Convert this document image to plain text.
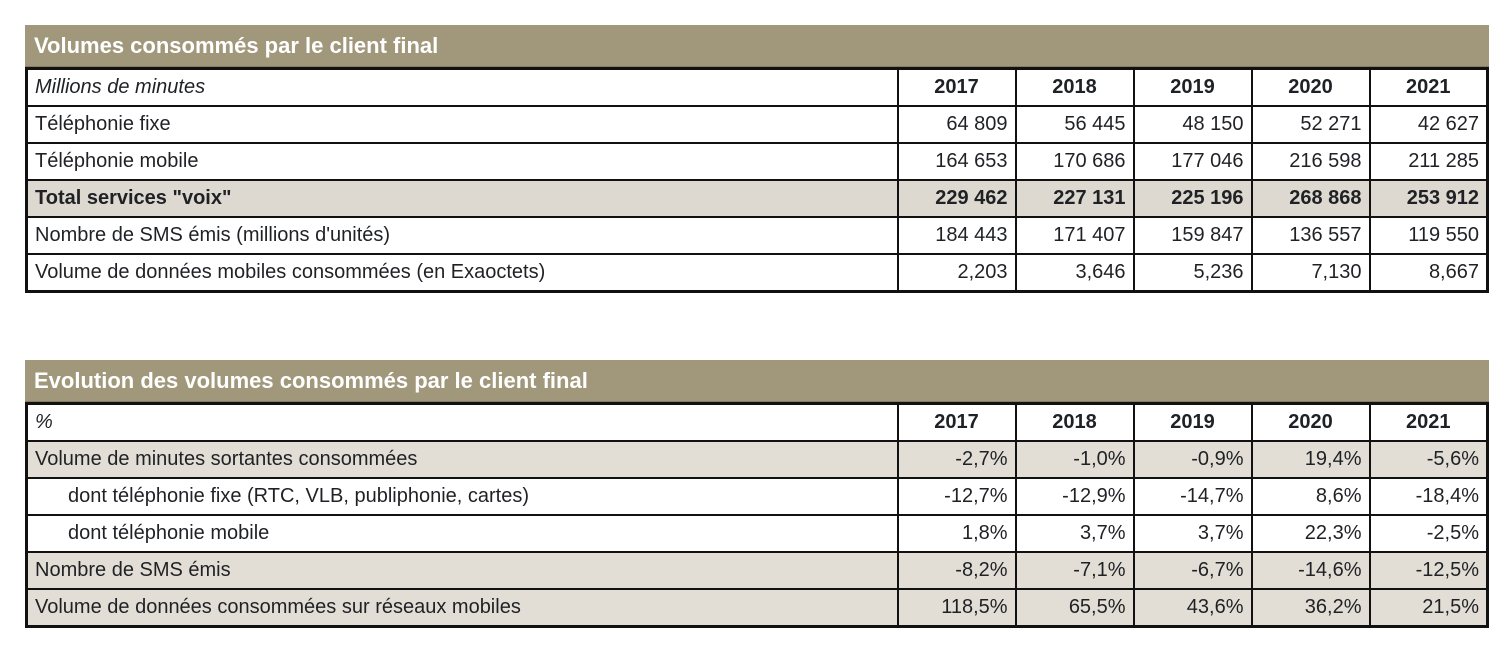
Volumes consommés par le client final
Millions de minutes	2017	2018	2019	2020	2021
Téléphonie fixe	64 809	56 445	48 150	52 271	42 627
Téléphonie mobile	164 653	170 686	177 046	216 598	211 285
Total services "voix"	229 462	227 131	225 196	268 868	253 912
Nombre de SMS émis (millions d'unités)	184 443	171 407	159 847	136 557	119 550
Volume de données mobiles consommées (en Exaoctets)	2,203	3,646	5,236	7,130	8,667
Evolution des volumes consommés par le client final
%	2017	2018	2019	2020	2021
Volume de minutes sortantes consommées	-2,7%	-1,0%	-0,9%	19,4%	-5,6%
dont téléphonie fixe (RTC, VLB, publiphonie, cartes)	-12,7%	-12,9%	-14,7%	8,6%	-18,4%
dont téléphonie mobile	1,8%	3,7%	3,7%	22,3%	-2,5%
Nombre de SMS émis	-8,2%	-7,1%	-6,7%	-14,6%	-12,5%
Volume de données consommées sur réseaux mobiles	118,5%	65,5%	43,6%	36,2%	21,5%
